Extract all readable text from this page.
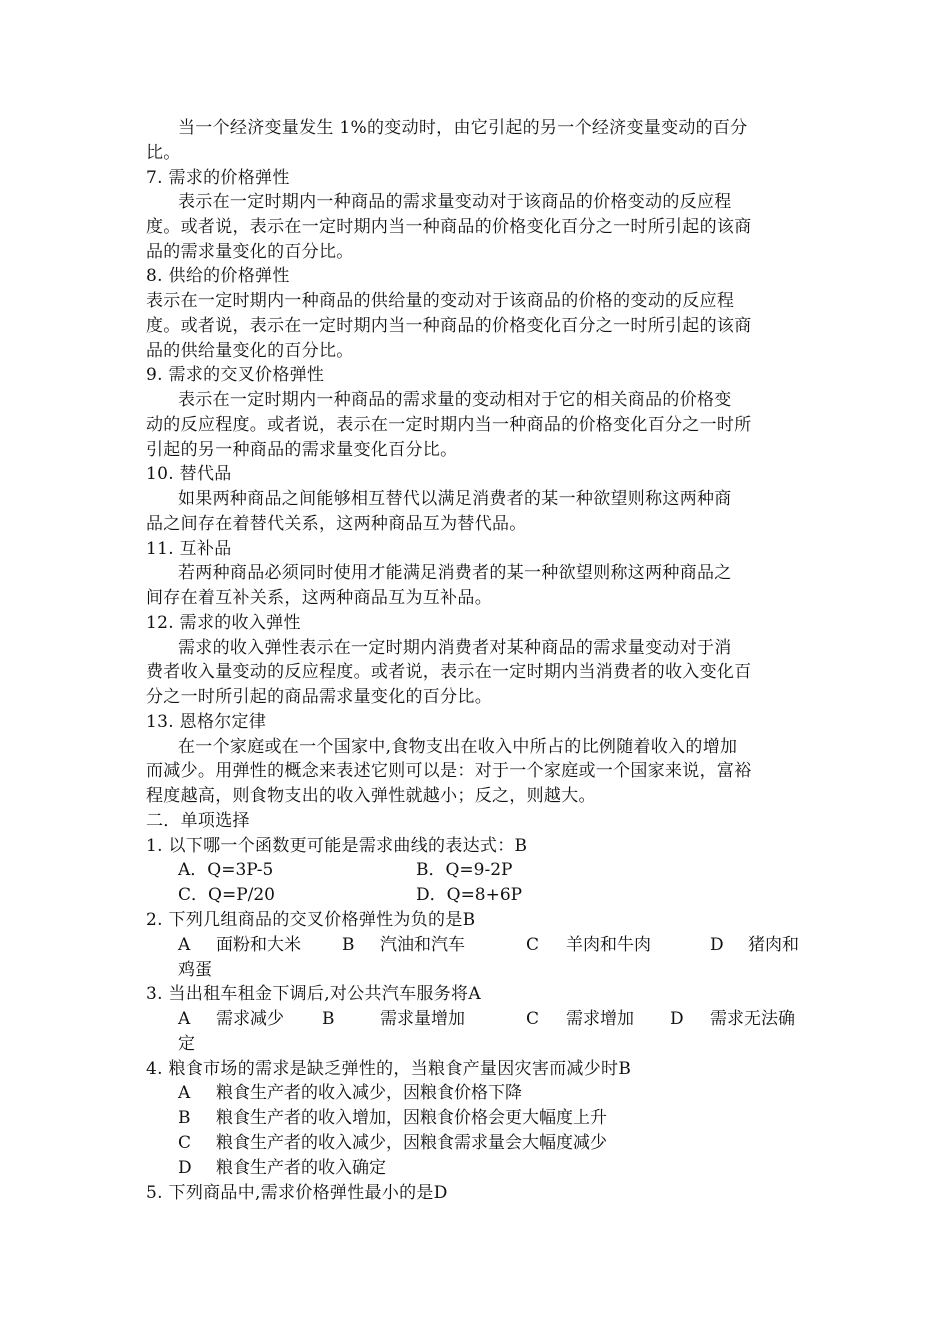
当一个经济变量发生 1%的变动时，由它引起的另一个经济变量变动的百分
比。
7. 需求的价格弹性
表示在一定时期内一种商品的需求量变动对于该商品的价格变动的反应程
度。或者说，表示在一定时期内当一种商品的价格变化百分之一时所引起的该商
品的需求量变化的百分比。
8. 供给的价格弹性
表示在一定时期内一种商品的供给量的变动对于该商品的价格的变动的反应程
度。或者说，表示在一定时期内当一种商品的价格变化百分之一时所引起的该商
品的供给量变化的百分比。
9. 需求的交叉价格弹性
表示在一定时期内一种商品的需求量的变动相对于它的相关商品的价格变
动的反应程度。或者说，表示在一定时期内当一种商品的价格变化百分之一时所
引起的另一种商品的需求量变化百分比。
10. 替代品
如果两种商品之间能够相互替代以满足消费者的某一种欲望则称这两种商
品之间存在着替代关系，这两种商品互为替代品。
11. 互补品
若两种商品必须同时使用才能满足消费者的某一种欲望则称这两种商品之
间存在着互补关系，这两种商品互为互补品。
12. 需求的收入弹性
需求的收入弹性表示在一定时期内消费者对某种商品的需求量变动对于消
费者收入量变动的反应程度。或者说，表示在一定时期内当消费者的收入变化百
分之一时所引起的商品需求量变化的百分比。
13. 恩格尔定律
在一个家庭或在一个国家中,食物支出在收入中所占的比例随着收入的增加
而减少。用弹性的概念来表述它则可以是：对于一个家庭或一个国家来说，富裕
程度越高，则食物支出的收入弹性就越小；反之，则越大。
二．单项选择
1. 以下哪一个函数更可能是需求曲线的表达式：B
A．Q=3P-5	B．Q=9-2P
C．Q=P/20	D．Q=8+6P
2. 下列几组商品的交叉价格弹性为负的是B
A 面粉和大米 B 汽油和汽车	C 羊肉和牛肉	D 猪肉和
鸡蛋
3. 当出租车租金下调后,对公共汽车服务将A
A 需求减少 B	需求量增加	C 需求增加 D 需求无法确
定
4. 粮食市场的需求是缺乏弹性的，当粮食产量因灾害而减少时B
A 粮食生产者的收入减少，因粮食价格下降
B 粮食生产者的收入增加，因粮食价格会更大幅度上升
C 粮食生产者的收入减少，因粮食需求量会大幅度减少
D 粮食生产者的收入确定
5. 下列商品中,需求价格弹性最小的是D
